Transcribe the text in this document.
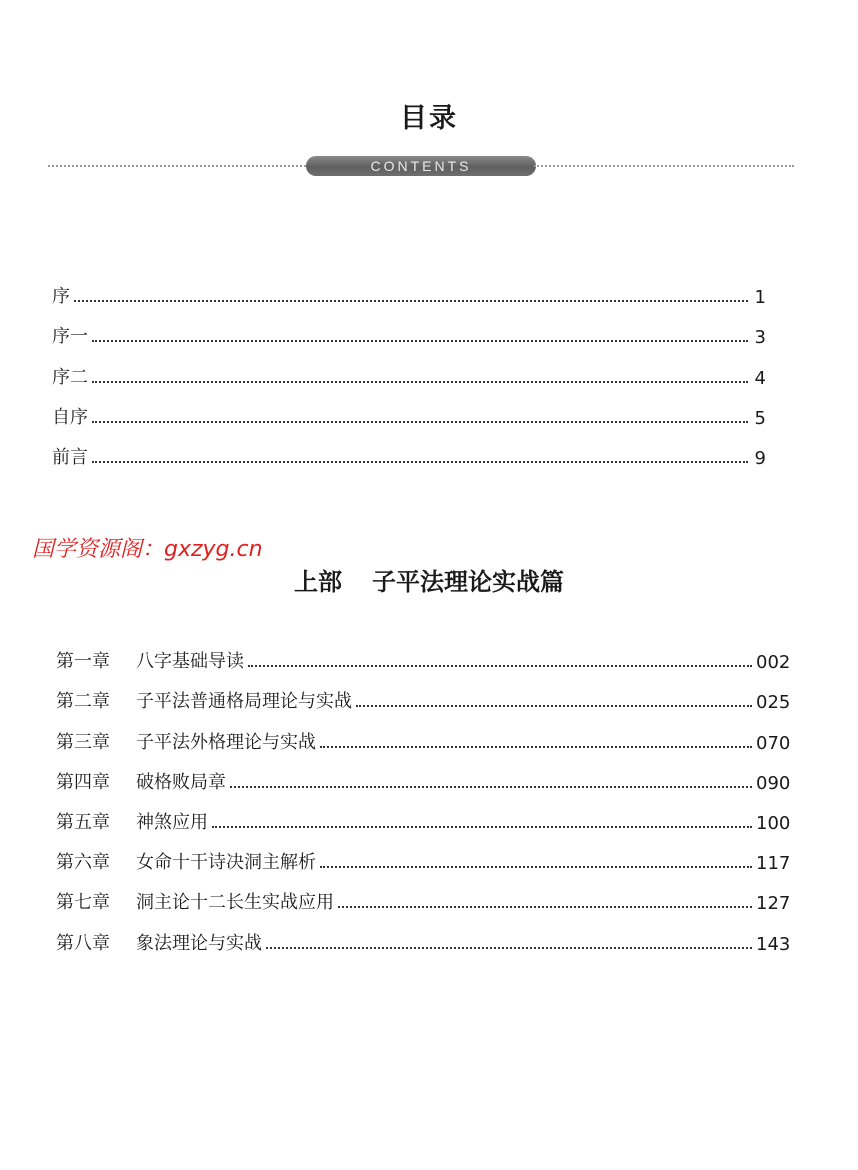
目录
CONTENTS
序	1
序一	3
序二	4
自序	5
前言	9
国学资源阁：gxzyg.cn
上部 子平法理论实战篇
第一章	八字基础导读	002
第二章	子平法普通格局理论与实战	025
第三章	子平法外格理论与实战	070
第四章	破格败局章	090
第五章	神煞应用	100
第六章	女命十干诗决洞主解析	117
第七章	洞主论十二长生实战应用	127
第八章	象法理论与实战	143
